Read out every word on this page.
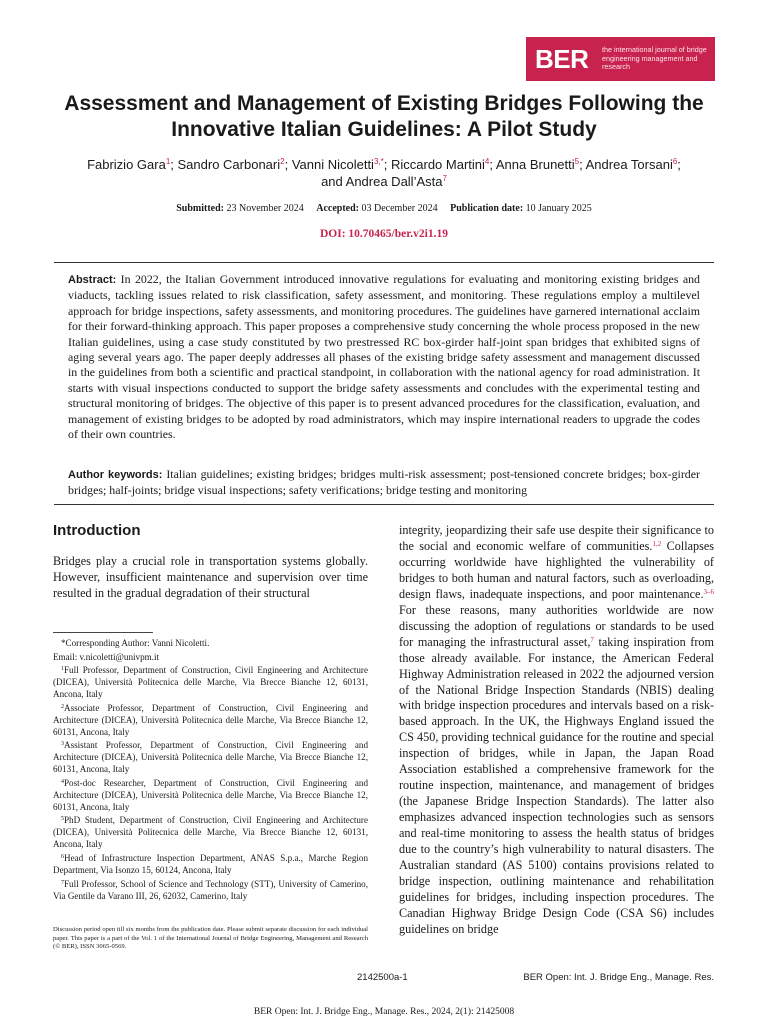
BER	the international journal of bridge engineering management and research
Assessment and Management of Existing Bridges Following the Innovative Italian Guidelines: A Pilot Study
Fabrizio Gara$^1$; Sandro Carbonari$^2$; Vanni Nicoletti$^{3,*}$; Riccardo Martini$^4$; Anna Brunetti$^5$; Andrea Torsani$^6$;
and Andrea Dall’Asta$^7$
Submitted: 23 November 2024 Accepted: 03 December 2024 Publication date: 10 January 2025
DOI: 10.70465/ber.v2i1.19

Abstract: In 2022, the Italian Government introduced innovative regulations for evaluating and monitoring existing bridges and viaducts, tackling issues related to risk classification, safety assessment, and monitoring. These regulations employ a multilevel approach for bridge inspections, safety assessments, and monitoring procedures. The guidelines have garnered international acclaim for their forward-thinking approach. This paper proposes a comprehensive study concerning the whole process proposed in the new Italian guidelines, using a case study constituted by two prestressed RC box-girder half-joint span bridges that exhibited signs of aging several years ago. The paper deeply addresses all phases of the existing bridge safety assessment and management discussed in the guidelines from both a scientific and practical standpoint, in collaboration with the national agency for road administration. It starts with visual inspections conducted to support the bridge safety assessments and concludes with the experimental testing and structural monitoring of bridges. The objective of this paper is to present advanced procedures for the classification, evaluation, and management of existing bridges to be adopted by road administrators, which may inspire international readers to upgrade the codes of their own countries.

Author keywords: Italian guidelines; existing bridges; bridges multi-risk assessment; post-tensioned concrete bridges; box-girder bridges; half-joints; bridge visual inspections; safety verifications; bridge testing and monitoring

Introduction

Bridges play a crucial role in transportation systems globally. However, insufficient maintenance and supervision over time resulted in the gradual degradation of their structural

*Corresponding Author: Vanni Nicoletti.

Email: v.nicoletti@univpm.it

$^1$Full Professor, Department of Construction, Civil Engineering and Architecture (DICEA), Università Politecnica delle Marche, Via Brecce Bianche 12, 60131, Ancona, Italy

$^2$Associate Professor, Department of Construction, Civil Engineering and Architecture (DICEA), Università Politecnica delle Marche, Via Brecce Bianche 12, 60131, Ancona, Italy

$^3$Assistant Professor, Department of Construction, Civil Engineering and Architecture (DICEA), Università Politecnica delle Marche, Via Brecce Bianche 12, 60131, Ancona, Italy

$^4$Post-doc Researcher, Department of Construction, Civil Engineering and Architecture (DICEA), Università Politecnica delle Marche, Via Brecce Bianche 12, 60131, Ancona, Italy

$^5$PhD Student, Department of Construction, Civil Engineering and Architecture (DICEA), Università Politecnica delle Marche, Via Brecce Bianche 12, 60131, Ancona, Italy

$^6$Head of Infrastructure Inspection Department, ANAS S.p.a., Marche Region Department, Via Isonzo 15, 60124, Ancona, Italy

$^7$Full Professor, School of Science and Technology (STT), University of Camerino, Via Gentile da Varano III, 26, 62032, Camerino, Italy

Discussion period open till six months from the publication date. Please submit separate discussion for each individual paper. This paper is a part of the Vol. 1 of the International Journal of Bridge Engineering, Management and Research (© BER), ISSN 3065-0569.

integrity, jeopardizing their safe use despite their significance to the social and economic welfare of communities.$^{1,2}$ Collapses occurring worldwide have highlighted the vulnerability of bridges to both human and natural factors, such as overloading, design flaws, inadequate inspections, and poor maintenance.$^{3-6}$ For these reasons, many authorities worldwide are now discussing the adoption of regulations or standards to be used for managing the infrastructural asset,$^7$ taking inspiration from those already available. For instance, the American Federal Highway Administration released in 2022 the adjourned version of the National Bridge Inspection Standards (NBIS) dealing with bridge inspection procedures and intervals based on a risk-based approach. In the UK, the Highways England issued the CS 450, providing technical guidance for the routine and special inspection of bridges, while in Japan, the Japan Road Association established a comprehensive framework for the routine inspection, maintenance, and management of bridges (the Japanese Bridge Inspection Standards). The latter also emphasizes advanced inspection technologies such as sensors and real-time monitoring to assess the health status of bridges due to the country’s high vulnerability to natural disasters. The Australian standard (AS 5100) contains provisions related to bridge inspection, outlining maintenance and rehabilitation guidelines for bridges, including inspection procedures. The Canadian Highway Bridge Design Code (CSA S6) includes guidelines on bridge

2142500a-1	BER Open: Int. J. Bridge Eng., Manage. Res.
BER Open: Int. J. Bridge Eng., Manage. Res., 2024, 2(1): 21425008
